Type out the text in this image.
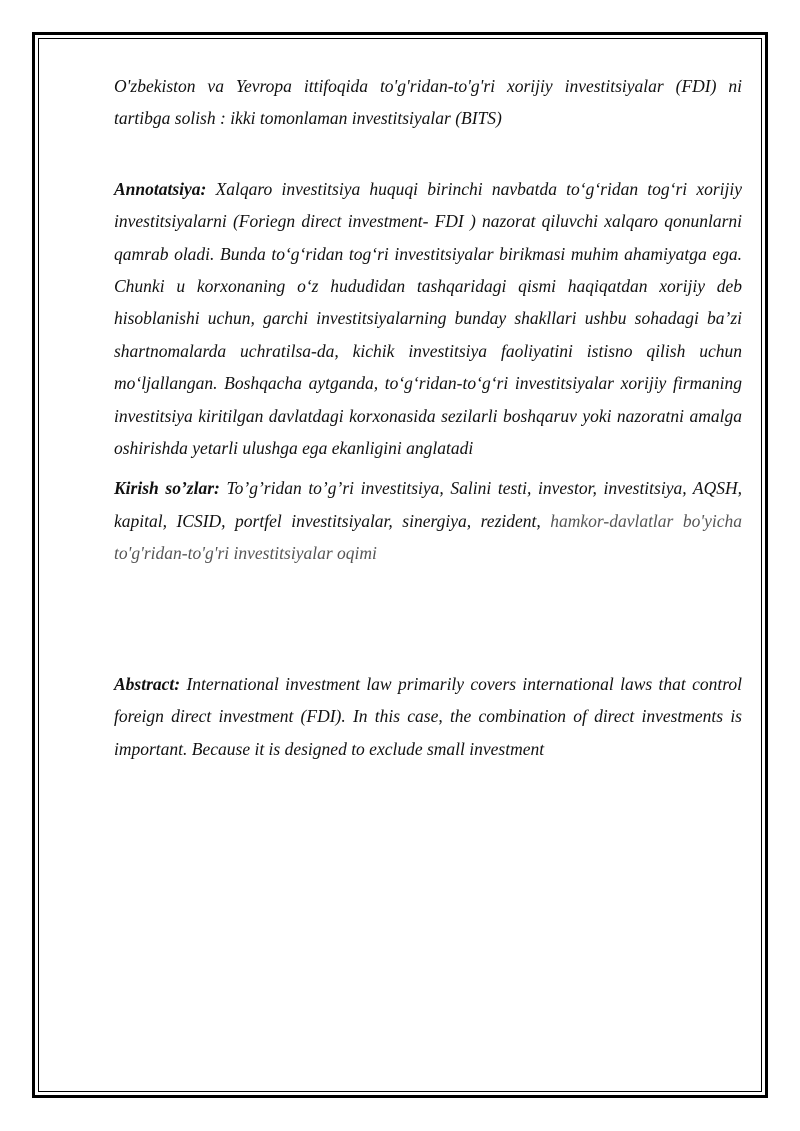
O'zbekiston va Yevropa ittifoqida to'g'ridan-to'g'ri xorijiy investitsiyalar (FDI) ni tartibga solish : ikki tomonlaman investitsiyalar (BITS)

Annotatsiya: Xalqaro investitsiya huquqi birinchi navbatda to‘g‘ridan tog‘ri xorijiy investitsiyalarni (Foriegn direct investment- FDI ) nazorat qiluvchi xalqaro qonunlarni qamrab oladi. Bunda to‘g‘ridan tog‘ri investitsiyalar birikmasi muhim ahamiyatga ega. Chunki u korxonaning o‘z hududidan tashqaridagi qismi haqiqatdan xorijiy deb hisoblanishi uchun, garchi investitsiyalarning bunday shakllari ushbu sohadagi ba’zi shartnomalarda uchratilsa-da, kichik investitsiya faoliyatini istisno qilish uchun mo‘ljallangan. Boshqacha aytganda, to‘g‘ridan-to‘g‘ri investitsiyalar xorijiy firmaning investitsiya kiritilgan davlatdagi korxonasida sezilarli boshqaruv yoki nazoratni amalga oshirishda yetarli ulushga ega ekanligini anglatadi

Kirish so’zlar: To’g’ridan to’g’ri investitsiya, Salini testi, investor, investitsiya, AQSH, kapital, ICSID, portfel investitsiyalar, sinergiya, rezident, hamkor-davlatlar bo'yicha to'g'ridan-to'g'ri investitsiyalar oqimi

Abstract: International investment law primarily covers international laws that control foreign direct investment (FDI). In this case, the combination of direct investments is important. Because it is designed to exclude small investment
